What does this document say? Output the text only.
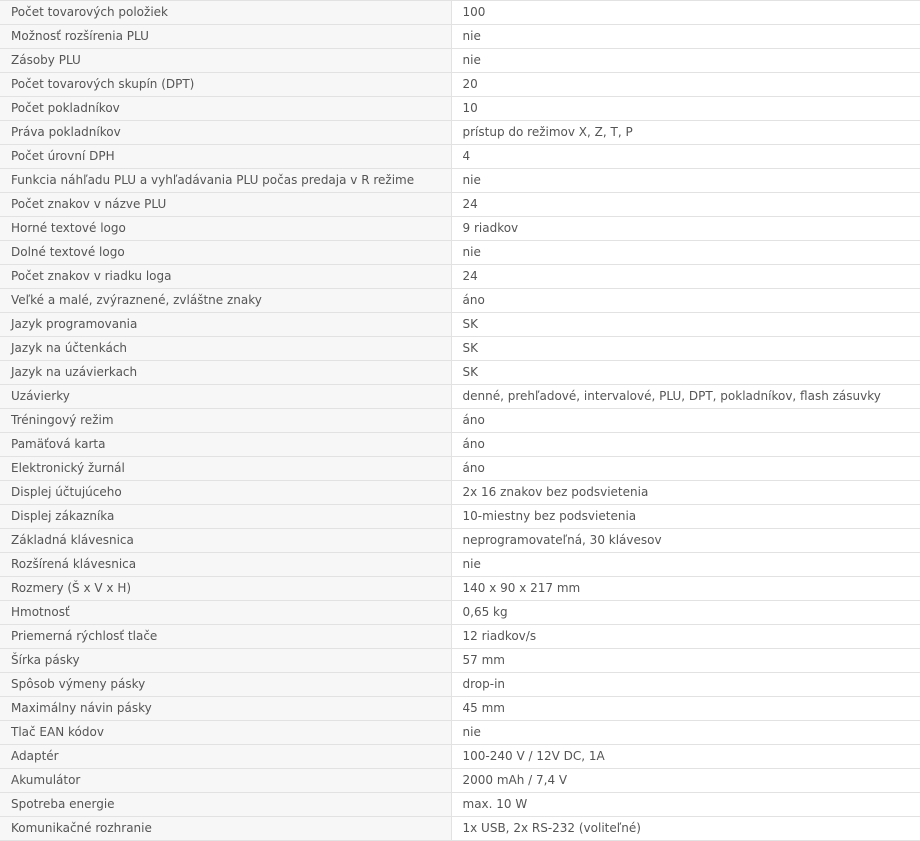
Počet tovarových položiek	100
Možnosť rozšírenia PLU	nie
Zásoby PLU	nie
Počet tovarových skupín (DPT)	20
Počet pokladníkov	10
Práva pokladníkov	prístup do režimov X, Z, T, P
Počet úrovní DPH	4
Funkcia náhľadu PLU a vyhľadávania PLU počas predaja v R režime	nie
Počet znakov v názve PLU	24
Horné textové logo	9 riadkov
Dolné textové logo	nie
Počet znakov v riadku loga	24
Veľké a malé, zvýraznené, zvláštne znaky	áno
Jazyk programovania	SK
Jazyk na účtenkách	SK
Jazyk na uzávierkach	SK
Uzávierky	denné, prehľadové, intervalové, PLU, DPT, pokladníkov, flash zásuvky
Tréningový režim	áno
Pamäťová karta	áno
Elektronický žurnál	áno
Displej účtujúceho	2x 16 znakov bez podsvietenia
Displej zákazníka	10-miestny bez podsvietenia
Základná klávesnica	neprogramovateľná, 30 klávesov
Rozšírená klávesnica	nie
Rozmery (Š x V x H)	140 x 90 x 217 mm
Hmotnosť	0,65 kg
Priemerná rýchlosť tlače	12 riadkov/s
Šírka pásky	57 mm
Spôsob výmeny pásky	drop-in
Maximálny návin pásky	45 mm
Tlač EAN kódov	nie
Adaptér	100-240 V / 12V DC, 1A
Akumulátor	2000 mAh / 7,4 V
Spotreba energie	max. 10 W
Komunikačné rozhranie	1x USB, 2x RS-232 (voliteľné)
